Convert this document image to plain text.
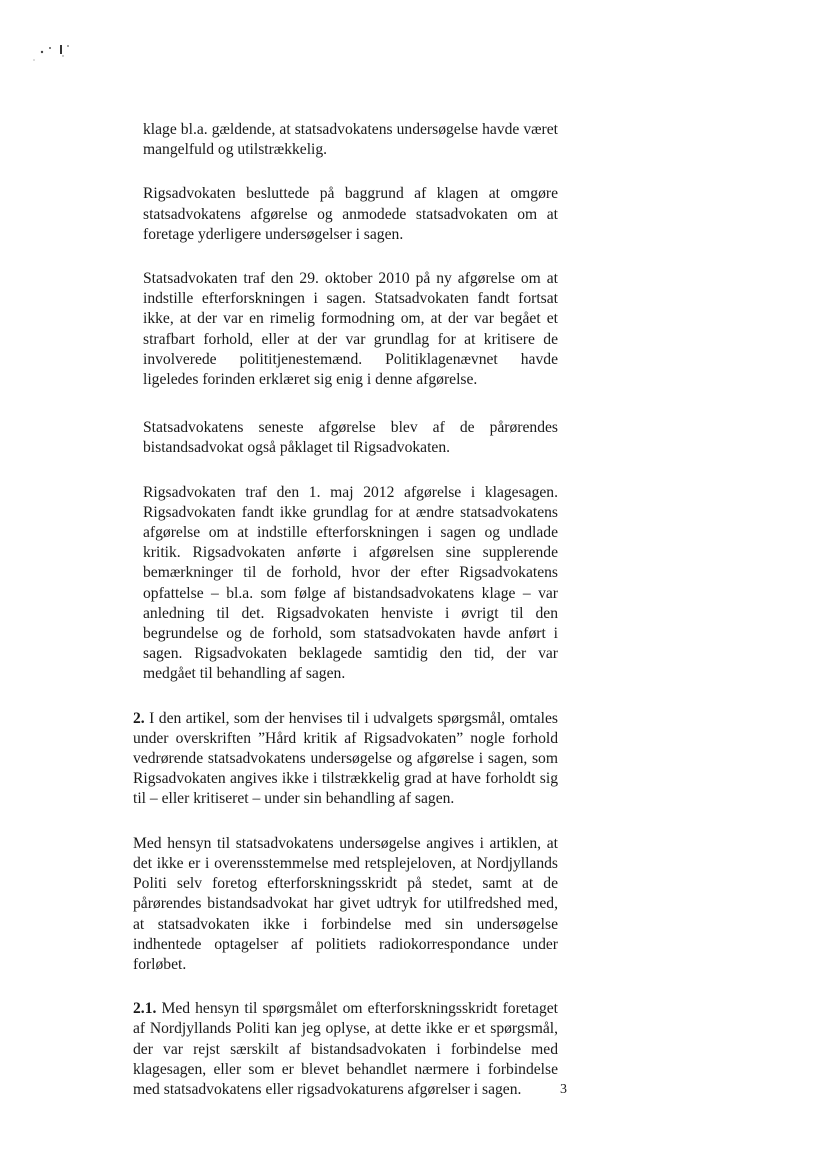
klage bl.a. gældende, at statsadvokatens undersøgelse havde været mangelfuld og utilstrækkelig.

Rigsadvokaten besluttede på baggrund af klagen at omgøre statsadvokatens afgørelse og anmodede statsadvokaten om at foretage yderligere undersøgelser i sagen.

Statsadvokaten traf den 29. oktober 2010 på ny afgørelse om at indstille efterforskningen i sagen. Statsadvokaten fandt fortsat ikke, at der var en rimelig formodning om, at der var begået et strafbart forhold, eller at der var grundlag for at kritisere de involverede polititjenestemænd. Politiklagenævnet havde ligeledes forinden erklæret sig enig i denne afgørelse.

Statsadvokatens seneste afgørelse blev af de pårørendes bistandsadvokat også påklaget til Rigsadvokaten.

Rigsadvokaten traf den 1. maj 2012 afgørelse i klagesagen. Rigsadvokaten fandt ikke grundlag for at ændre statsadvokatens afgørelse om at indstille efterforskningen i sagen og undlade kritik. Rigsadvokaten anførte i afgørelsen sine supplerende bemærkninger til de forhold, hvor der efter Rigsadvokatens opfattelse – bl.a. som følge af bistandsadvokatens klage – var anledning til det. Rigsadvokaten henviste i øvrigt til den begrundelse og de forhold, som statsadvokaten havde anført i sagen. Rigsadvokaten beklagede samtidig den tid, der var medgået til behandling af sagen.

2. I den artikel, som der henvises til i udvalgets spørgsmål, omtales under overskriften ”Hård kritik af Rigsadvokaten” nogle forhold vedrørende statsadvokatens undersøgelse og afgørelse i sagen, som Rigsadvokaten angives ikke i tilstrækkelig grad at have forholdt sig til – eller kritiseret – under sin behandling af sagen.

Med hensyn til statsadvokatens undersøgelse angives i artiklen, at det ikke er i overensstemmelse med retsplejeloven, at Nordjyllands Politi selv foretog efterforskningsskridt på stedet, samt at de pårørendes bistandsadvokat har givet udtryk for utilfredshed med, at statsadvokaten ikke i forbindelse med sin undersøgelse indhentede optagelser af politiets radiokorrespondance under forløbet.

2.1. Med hensyn til spørgsmålet om efterforskningsskridt foretaget af Nordjyllands Politi kan jeg oplyse, at dette ikke er et spørgsmål, der var rejst særskilt af bistandsadvokaten i forbindelse med klagesagen, eller som er blevet behandlet nærmere i forbindelse med statsadvokatens eller rigsadvokaturens afgørelser i sagen.	3
